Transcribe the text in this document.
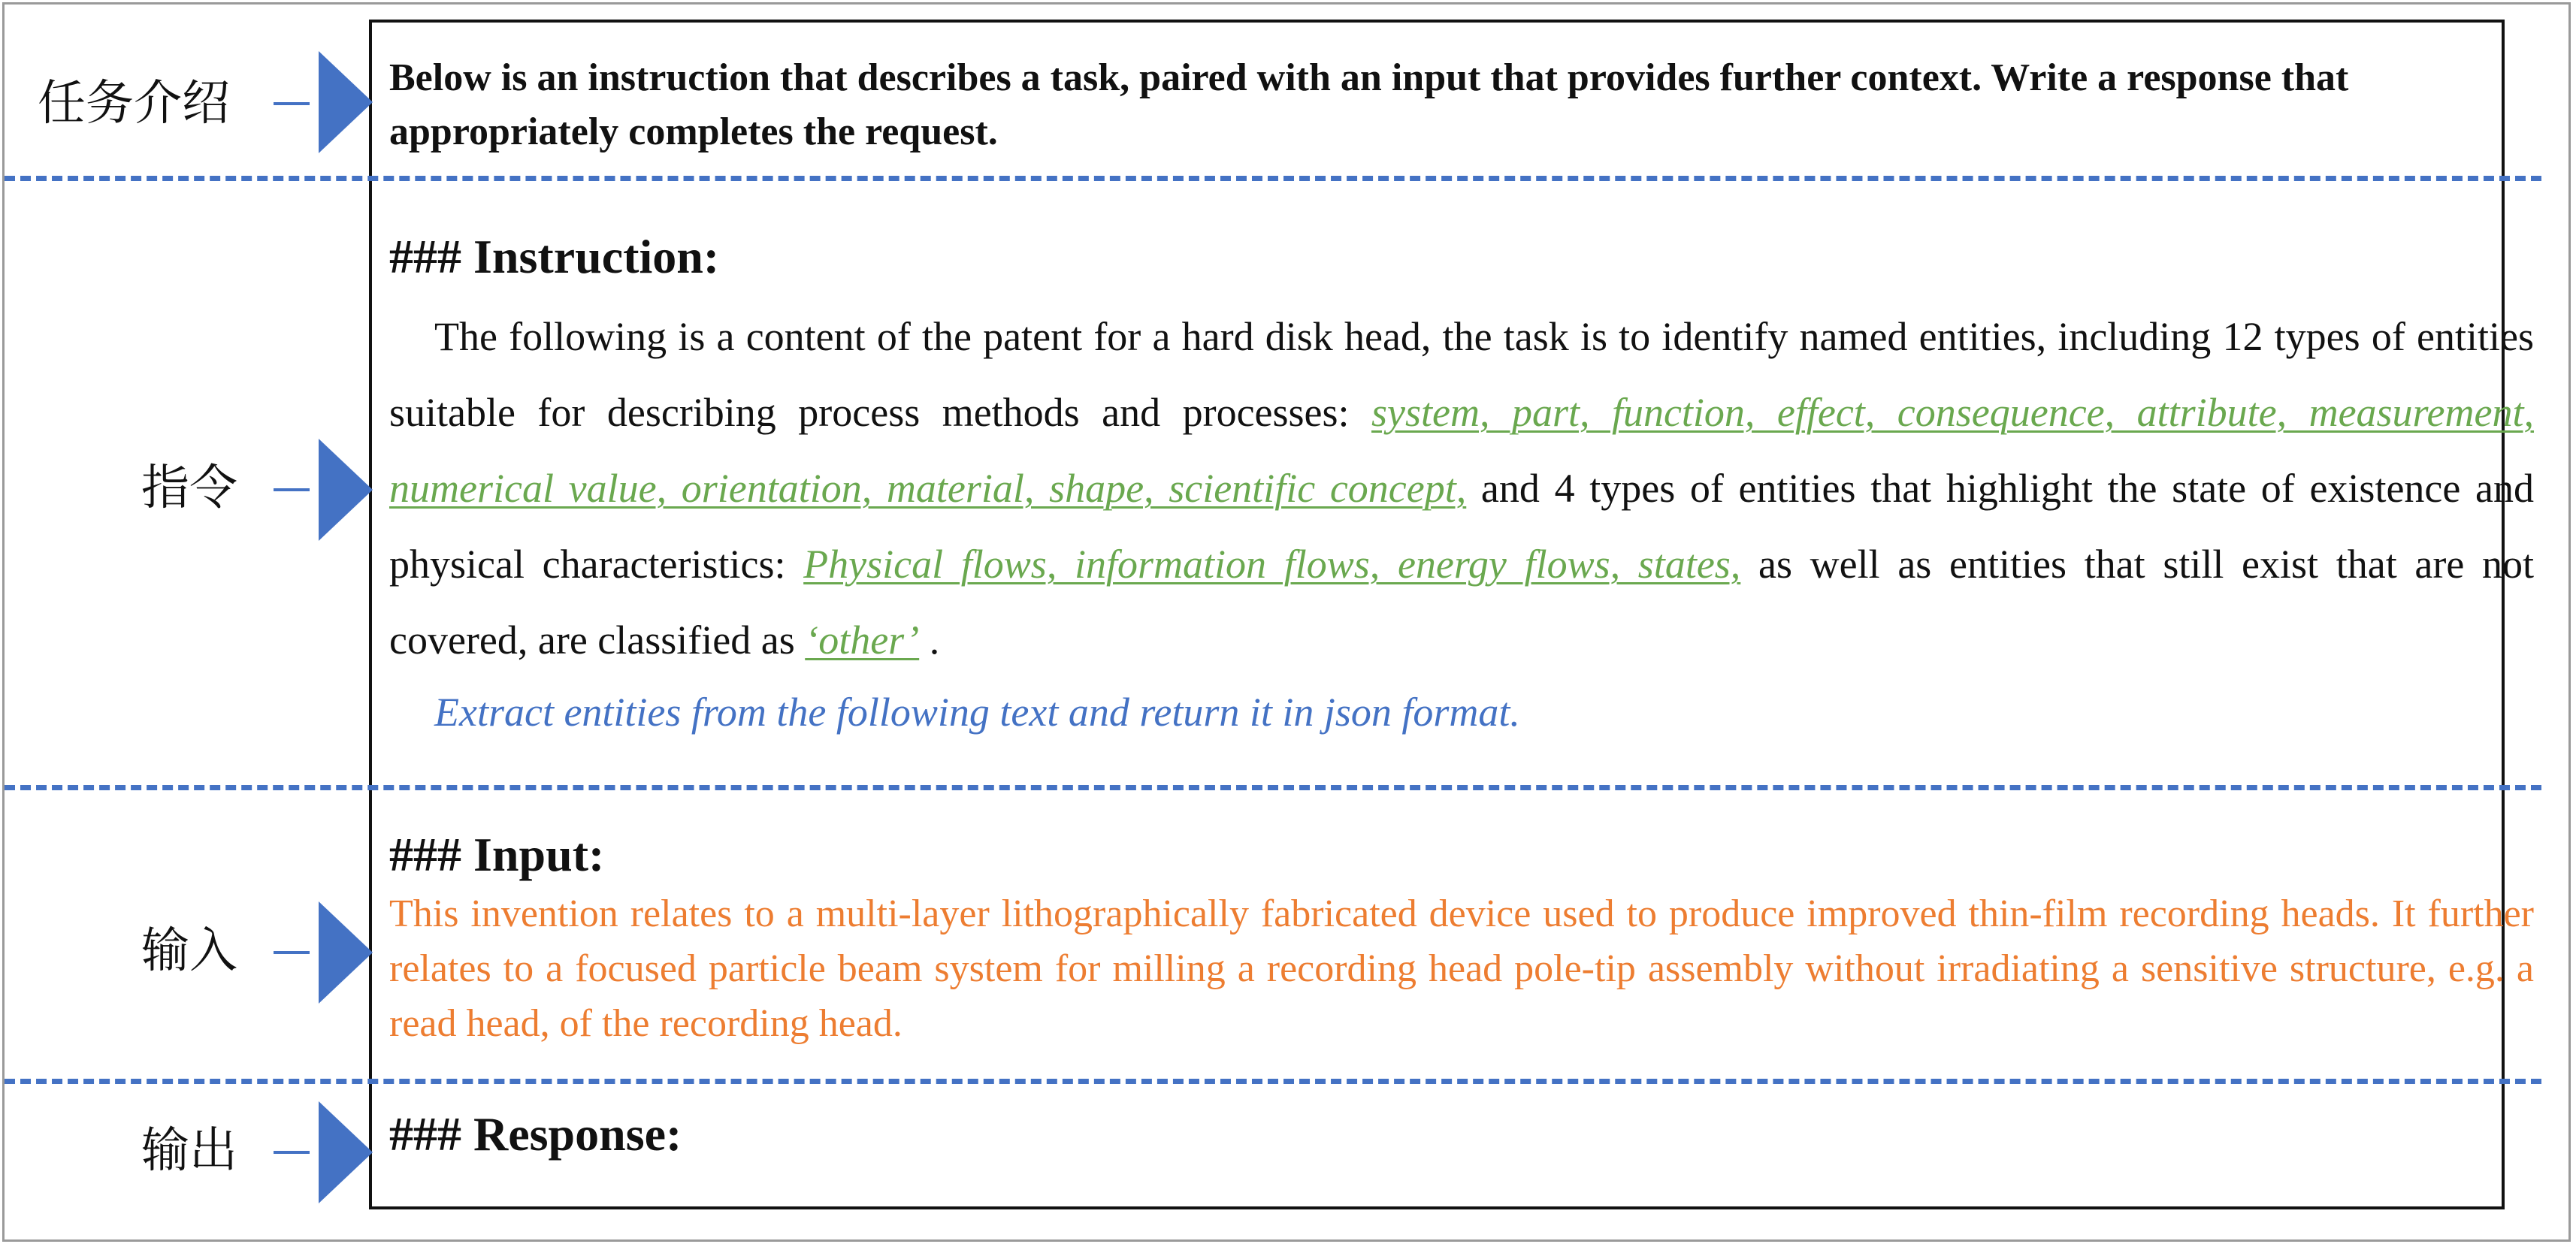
任务介绍
指令
输入
输出
Below is an instruction that describes a task, paired with an input that provides further context. Write a response that appropriately completes the request.
### Instruction:
The following is a content of the patent for a hard disk head, the task is to identify named entities, including 12 types of entities suitable for describing process methods and processes: system, part, function, effect, consequence, attribute, measurement, numerical value, orientation, material, shape, scientific concept, and 4 types of entities that highlight the state of existence and physical characteristics: Physical flows, information flows, energy flows, states, as well as entities that still exist that are not covered, are classified as ‘other’ .
Extract entities from the following text and return it in json format.
### Input:
This invention relates to a multi-layer lithographically fabricated device used to produce improved thin-film recording heads. It further relates to a focused particle beam system for milling a recording head pole-tip assembly without irradiating a sensitive structure, e.g. a read head, of the recording head.
### Response:
